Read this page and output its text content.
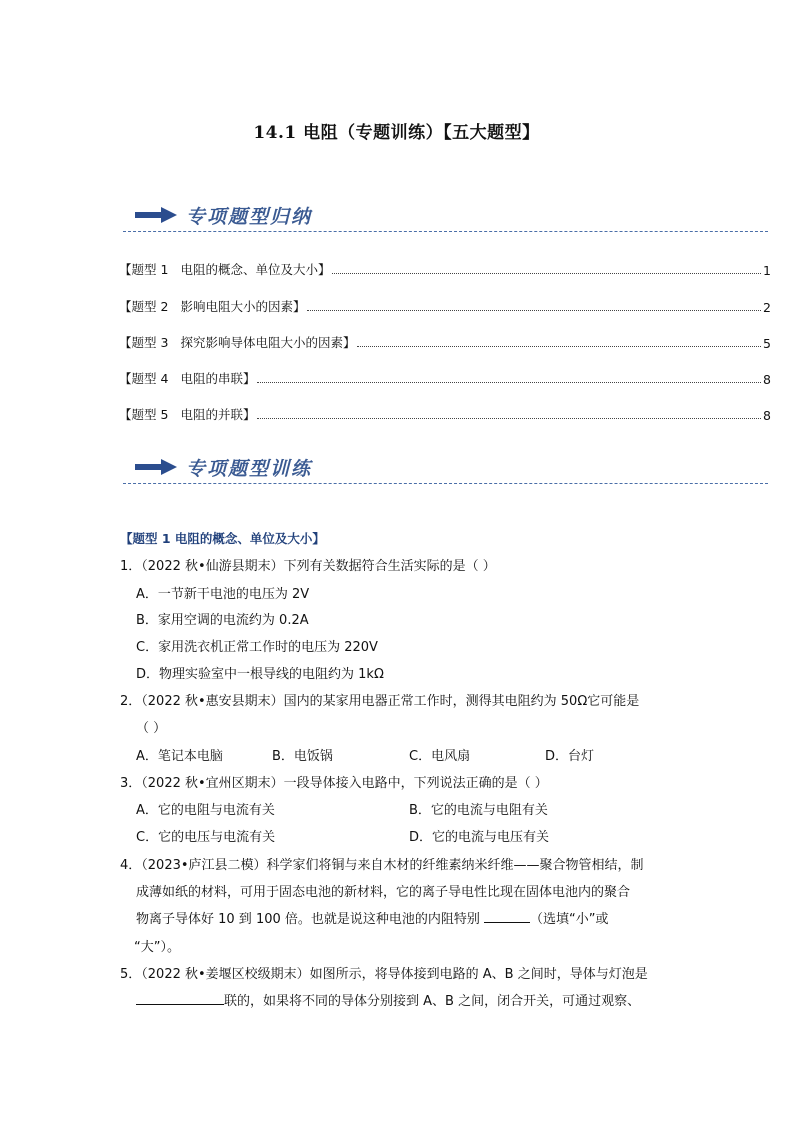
14.1 电阻（专题训练）【五大题型】
专项题型归纳
【题型 1 电阻的概念、单位及大小】	1
【题型 2 影响电阻大小的因素】	2
【题型 3 探究影响导体电阻大小的因素】	5
【题型 4 电阻的串联】	8
【题型 5 电阻的并联】	8
专项题型训练
【题型 1 电阻的概念、单位及大小】
1．（2022 秋•仙游县期末）下列有关数据符合生活实际的是（ ）
A．一节新干电池的电压为 2V
B．家用空调的电流约为 0.2A
C．家用洗衣机正常工作时的电压为 220V
D．物理实验室中一根导线的电阻约为 1kΩ
2．（2022 秋•惠安县期末）国内的某家用电器正常工作时，测得其电阻约为 50Ω它可能是
（ ）
A．笔记本电脑	B．电饭锅	C．电风扇	D．台灯
3．（2022 秋•宜州区期末）一段导体接入电路中，下列说法正确的是（ ）
A．它的电阻与电流有关	B．它的电流与电阻有关
C．它的电压与电流有关	D．它的电流与电压有关
4．（2023•庐江县二模）科学家们将铜与来自木材的纤维素纳米纤维——聚合物管相结，制
成薄如纸的材料，可用于固态电池的新材料，它的离子导电性比现在固体电池内的聚合
物离子导体好 10 到 100 倍。也就是说这种电池的内阻特别	（选填“小”或
“大”）。
5．（2022 秋•姜堰区校级期末）如图所示，将导体接到电路的 A、B 之间时，导体与灯泡是
联的，如果将不同的导体分别接到 A、B 之间，闭合开关，可通过观察、
